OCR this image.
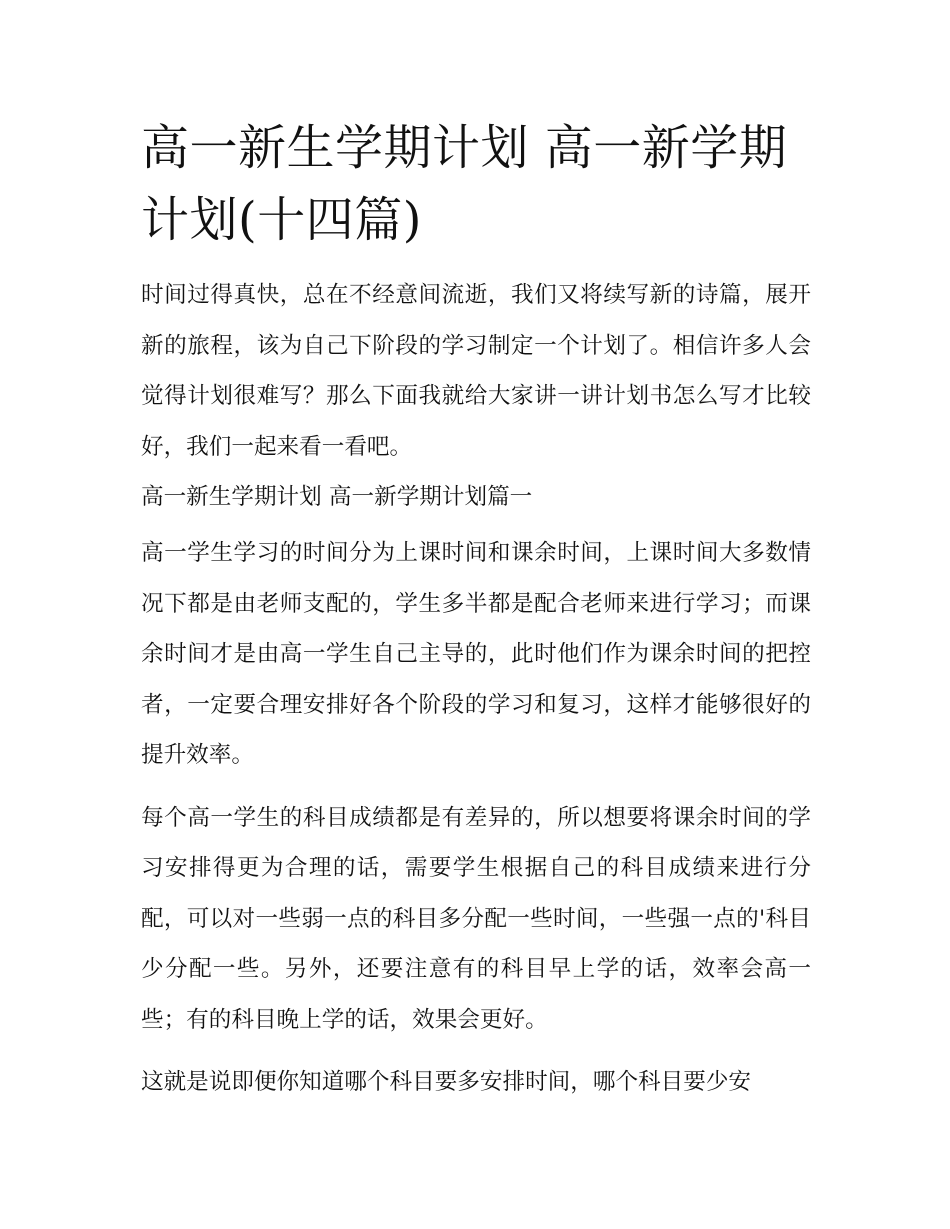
高一新生学期计划 高一新学期计划(十四篇)

时间过得真快，总在不经意间流逝，我们又将续写新的诗篇，展开新的旅程，该为自己下阶段的学习制定一个计划了。相信许多人会觉得计划很难写？那么下面我就给大家讲一讲计划书怎么写才比较好，我们一起来看一看吧。

高一新生学期计划 高一新学期计划篇一

高一学生学习的时间分为上课时间和课余时间，上课时间大多数情况下都是由老师支配的，学生多半都是配合老师来进行学习；而课余时间才是由高一学生自己主导的，此时他们作为课余时间的把控者，一定要合理安排好各个阶段的学习和复习，这样才能够很好的提升效率。

每个高一学生的科目成绩都是有差异的，所以想要将课余时间的学习安排得更为合理的话，需要学生根据自己的科目成绩来进行分配，可以对一些弱一点的科目多分配一些时间，一些强一点的'科目少分配一些。另外，还要注意有的科目早上学的话，效率会高一些；有的科目晚上学的话，效果会更好。

这就是说即便你知道哪个科目要多安排时间，哪个科目要少安
